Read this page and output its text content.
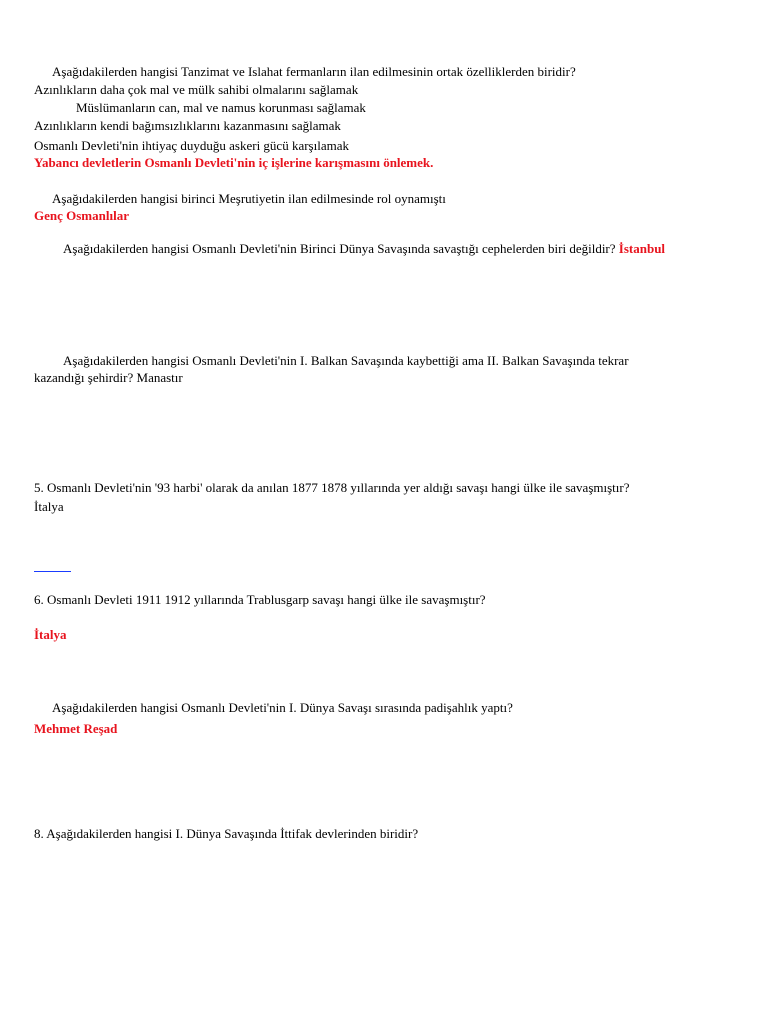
Aşağıdakilerden hangisi Tanzimat ve Islahat fermanların ilan edilmesinin ortak özelliklerden biridir?
Azınlıkların daha çok mal ve mülk sahibi olmalarını sağlamak
Müslümanların can, mal ve namus korunması sağlamak
Azınlıkların kendi bağımsızlıklarını kazanmasını sağlamak
Osmanlı Devleti'nin ihtiyaç duyduğu askeri gücü karşılamak
Yabancı devletlerin Osmanlı Devleti'nin iç işlerine karışmasını önlemek.
Aşağıdakilerden hangisi birinci Meşrutiyetin ilan edilmesinde rol oynamıştı
Genç Osmanlılar
Aşağıdakilerden hangisi Osmanlı Devleti'nin Birinci Dünya Savaşında savaştığı cephelerden biri değildir? İstanbul
Aşağıdakilerden hangisi Osmanlı Devleti'nin I. Balkan Savaşında kaybettiği ama II. Balkan Savaşında tekrar
kazandığı şehirdir? Manastır
5. Osmanlı Devleti'nin '93 harbi' olarak da anılan 1877 1878 yıllarında yer aldığı savaşı hangi ülke ile savaşmıştır?
İtalya
6. Osmanlı Devleti 1911 1912 yıllarında Trablusgarp savaşı hangi ülke ile savaşmıştır?
İtalya
Aşağıdakilerden hangisi Osmanlı Devleti'nin I. Dünya Savaşı sırasında padişahlık yaptı?
Mehmet Reşad
8. Aşağıdakilerden hangisi I. Dünya Savaşında İttifak devlerinden biridir?
